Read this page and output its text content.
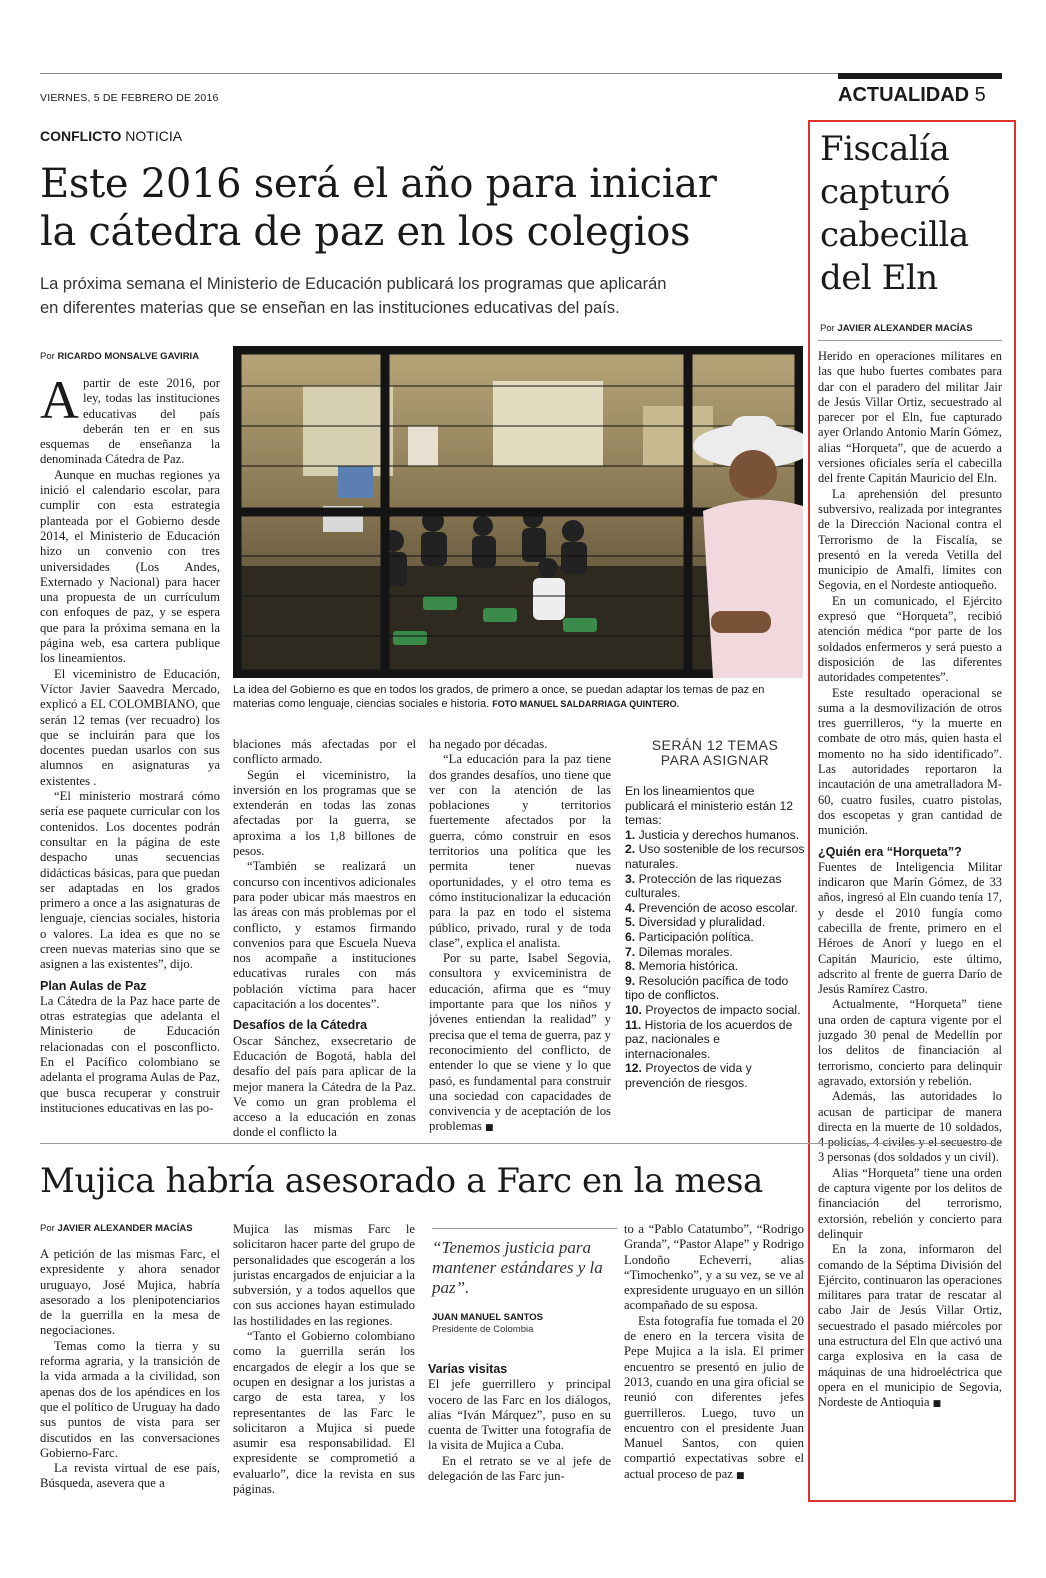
VIERNES, 5 DE FEBRERO DE 2016	ACTUALIDAD 5
CONFLICTO NOTICIA
Este 2016 será el año para iniciar
la cátedra de paz en los colegios
La próxima semana el Ministerio de Educación publicará los programas que aplicarán
en diferentes materias que se enseñan en las instituciones educativas del país.
Por RICARDO MONSALVE GAVIRIA

Apartir de este 2016, por ley, todas las instituciones educativas del país deberán ten er en sus esquemas de enseñanza la denominada Cátedra de Paz.

Aunque en muchas regiones ya inició el calendario escolar, para cumplir con esta estrategia planteada por el Gobierno desde 2014, el Ministerio de Educación hizo un convenio con tres universidades (Los Andes, Externado y Nacional) para hacer una propuesta de un currículum con enfoques de paz, y se espera que para la próxima semana en la página web, esa cartera publique los lineamientos.

El viceministro de Educación, Víctor Javier Saavedra Mercado, explicó a EL COLOMBIANO, que serán 12 temas (ver recuadro) los que se incluirán para que los docentes puedan usarlos con sus alumnos en asignaturas ya existentes .

“El ministerio mostrará cómo sería ese paquete curricular con los contenidos. Los docentes podrán consultar en la página de este despacho unas secuencias didácticas básicas, para que puedan ser adaptadas en los grados primero a once a las asignaturas de lenguaje, ciencias sociales, historia o valores. La idea es que no se creen nuevas materias sino que se asignen a las existentes”, dijo.

Plan Aulas de Paz

La Cátedra de la Paz hace parte de otras estrategias que adelanta el Ministerio de Educación relacionadas con el posconflicto. En el Pacífico colombiano se adelanta el programa Aulas de Paz, que busca recuperar y construir instituciones educativas en las po-

La idea del Gobierno es que en todos los grados, de primero a once, se puedan adaptar los temas de paz en materias como lenguaje, ciencias sociales e historia. FOTO MANUEL SALDARRIAGA QUINTERO.

blaciones más afectadas por el conflicto armado.

Según el viceministro, la inversión en los programas que se extenderán en todas las zonas afectadas por la guerra, se aproxima a los 1,8 billones de pesos.

“También se realizará un concurso con incentivos adicionales para poder ubicar más maestros en las áreas con más problemas por el conflicto, y estamos firmando convenios para que Escuela Nueva nos acompañe a instituciones educativas rurales con más población víctima para hacer capacitación a los docentes”.

Desafíos de la Cátedra

Oscar Sánchez, exsecretario de Educación de Bogotá, habla del desafío del país para aplicar de la mejor manera la Cátedra de la Paz. Ve como un gran problema el acceso a la educación en zonas donde el conflicto la

ha negado por décadas.

“La educación para la paz tiene dos grandes desafíos, uno tiene que ver con la atención de las poblaciones y territorios fuertemente afectados por la guerra, cómo construir en esos territorios una política que les permita tener nuevas oportunidades, y el otro tema es cómo institucionalizar la educación para la paz en todo el sistema público, privado, rural y de toda clase”, explica el analista.

Por su parte, Isabel Segovia, consultora y exviceministra de educación, afirma que es “muy importante para que los niños y jóvenes entiendan la realidad” y precisa que el tema de guerra, paz y reconocimiento del conflicto, de entender lo que se viene y lo que pasó, es fundamental para construir una sociedad con capacidades de convivencia y de aceptación de los problemas ■

SERÁN 12 TEMAS
PARA ASIGNAR
En los lineamientos que publicará el ministerio están 12 temas:
1. Justicia y derechos humanos.
2. Uso sostenible de los recursos naturales.
3. Protección de las riquezas culturales.
4. Prevención de acoso escolar.
5. Diversidad y pluralidad.
6. Participación política.
7. Dilemas morales.
8. Memoria histórica.
9. Resolución pacífica de todo tipo de conflictos.
10. Proyectos de impacto social.
11. Historia de los acuerdos de paz, nacionales e internacionales.
12. Proyectos de vida y prevención de riesgos.
Fiscalía
capturó
cabecilla
del Eln
Por JAVIER ALEXANDER MACÍAS

Herido en operaciones militares en las que hubo fuertes combates para dar con el paradero del militar Jair de Jesús Villar Ortiz, secuestrado al parecer por el Eln, fue capturado ayer Orlando Antonio Marín Gómez, alias “Horqueta”, que de acuerdo a versiones oficiales sería el cabecilla del frente Capitán Mauricio del Eln.

La aprehensión del presunto subversivo, realizada por integrantes de la Dirección Nacional contra el Terrorismo de la Fiscalía, se presentó en la vereda Vetilla del municipio de Amalfi, límites con Segovia, en el Nordeste antioqueño.

En un comunicado, el Ejército expresó que “Horqueta”, recibió atención médica “por parte de los soldados enfermeros y será puesto a disposición de las diferentes autoridades competentes”.

Este resultado operacional se suma a la desmovilización de otros tres guerrilleros, “y la muerte en combate de otro más, quien hasta el momento no ha sido identificado”. Las autoridades reportaron la incautación de una ametralladora M-60, cuatro fusiles, cuatro pistolas, dos escopetas y gran cantidad de munición.

¿Quién era “Horqueta”?

Fuentes de Inteligencia Militar indicaron que Marín Gómez, de 33 años, ingresó al Eln cuando tenía 17, y desde el 2010 fungía como cabecilla de frente, primero en el Héroes de Anorí y luego en el Capitán Mauricio, este último, adscrito al frente de guerra Darío de Jesús Ramírez Castro.

Actualmente, “Horqueta” tiene una orden de captura vigente por el juzgado 30 penal de Medellín por los delitos de financiación al terrorismo, concierto para delinquir agravado, extorsión y rebelión.

Además, las autoridades lo acusan de participar de manera directa en la muerte de 10 soldados, 3 personas (dos soldados y un civil).

Alias “Horqueta” tiene una orden de captura vigente por los delitos de financiación del terrorismo, extorsión, rebelión y concierto para delinquir

En la zona, informaron del comando de la Séptima División del Ejército, continuaron las operaciones militares para tratar de rescatar al cabo Jair de Jesús Villar Ortiz, secuestrado el pasado miércoles por una estructura del Eln que activó una carga explosiva en la casa de máquinas de una hidroeléctrica que opera en el municipio de Segovia, Nordeste de Antioquia ■

Mujica habría asesorado a Farc en la mesa
Por JAVIER ALEXANDER MACÍAS

A petición de las mismas Farc, el expresidente y ahora senador uruguayo, José Mujica, habría asesorado a los plenipotenciarios de la guerrilla en la mesa de negociaciones.

Temas como la tierra y su reforma agraria, y la transición de la vida armada a la civilidad, son apenas dos de los apéndices en los que el político de Uruguay ha dado sus puntos de vista para ser discutidos en las conversaciones Gobierno-Farc.

La revista virtual de ese país, Búsqueda, asevera que a

Mujica las mismas Farc le solicitaron hacer parte del grupo de personalidades que escogerán a los juristas encargados de enjuiciar a la subversión, y a todos aquellos que con sus acciones hayan estimulado las hostilidades en las regiones.

“Tanto el Gobierno colombiano como la guerrilla serán los encargados de elegir a los que se ocupen en designar a los juristas a cargo de esta tarea, y los representantes de las Farc le solicitaron a Mujica si puede asumir esa responsabilidad. El expresidente se comprometió a evaluarlo”, dice la revista en sus páginas.

“Tenemos justicia para mantener estándares y la paz”.
JUAN MANUEL SANTOS
Presidente de Colombia
Varias visitas

El jefe guerrillero y principal vocero de las Farc en los diálogos, alias “Iván Márquez”, puso en su cuenta de Twitter una fotografía de la visita de Mujica a Cuba.

En el retrato se ve al jefe de delegación de las Farc jun-

to a “Pablo Catatumbo”, “Rodrigo Granda”, “Pastor Alape” y Rodrigo Londoño Echeverri, alias “Timochenko”, y a su vez, se ve al expresidente uruguayo en un sillón acompañado de su esposa.

Esta fotografía fue tomada el 20 de enero en la tercera visita de Pepe Mujica a la isla. El primer encuentro se presentó en julio de 2013, cuando en una gira oficial se reunió con diferentes jefes guerrilleros. Luego, tuvo un encuentro con el presidente Juan Manuel Santos, con quien compartió expectativas sobre el actual proceso de paz ■
